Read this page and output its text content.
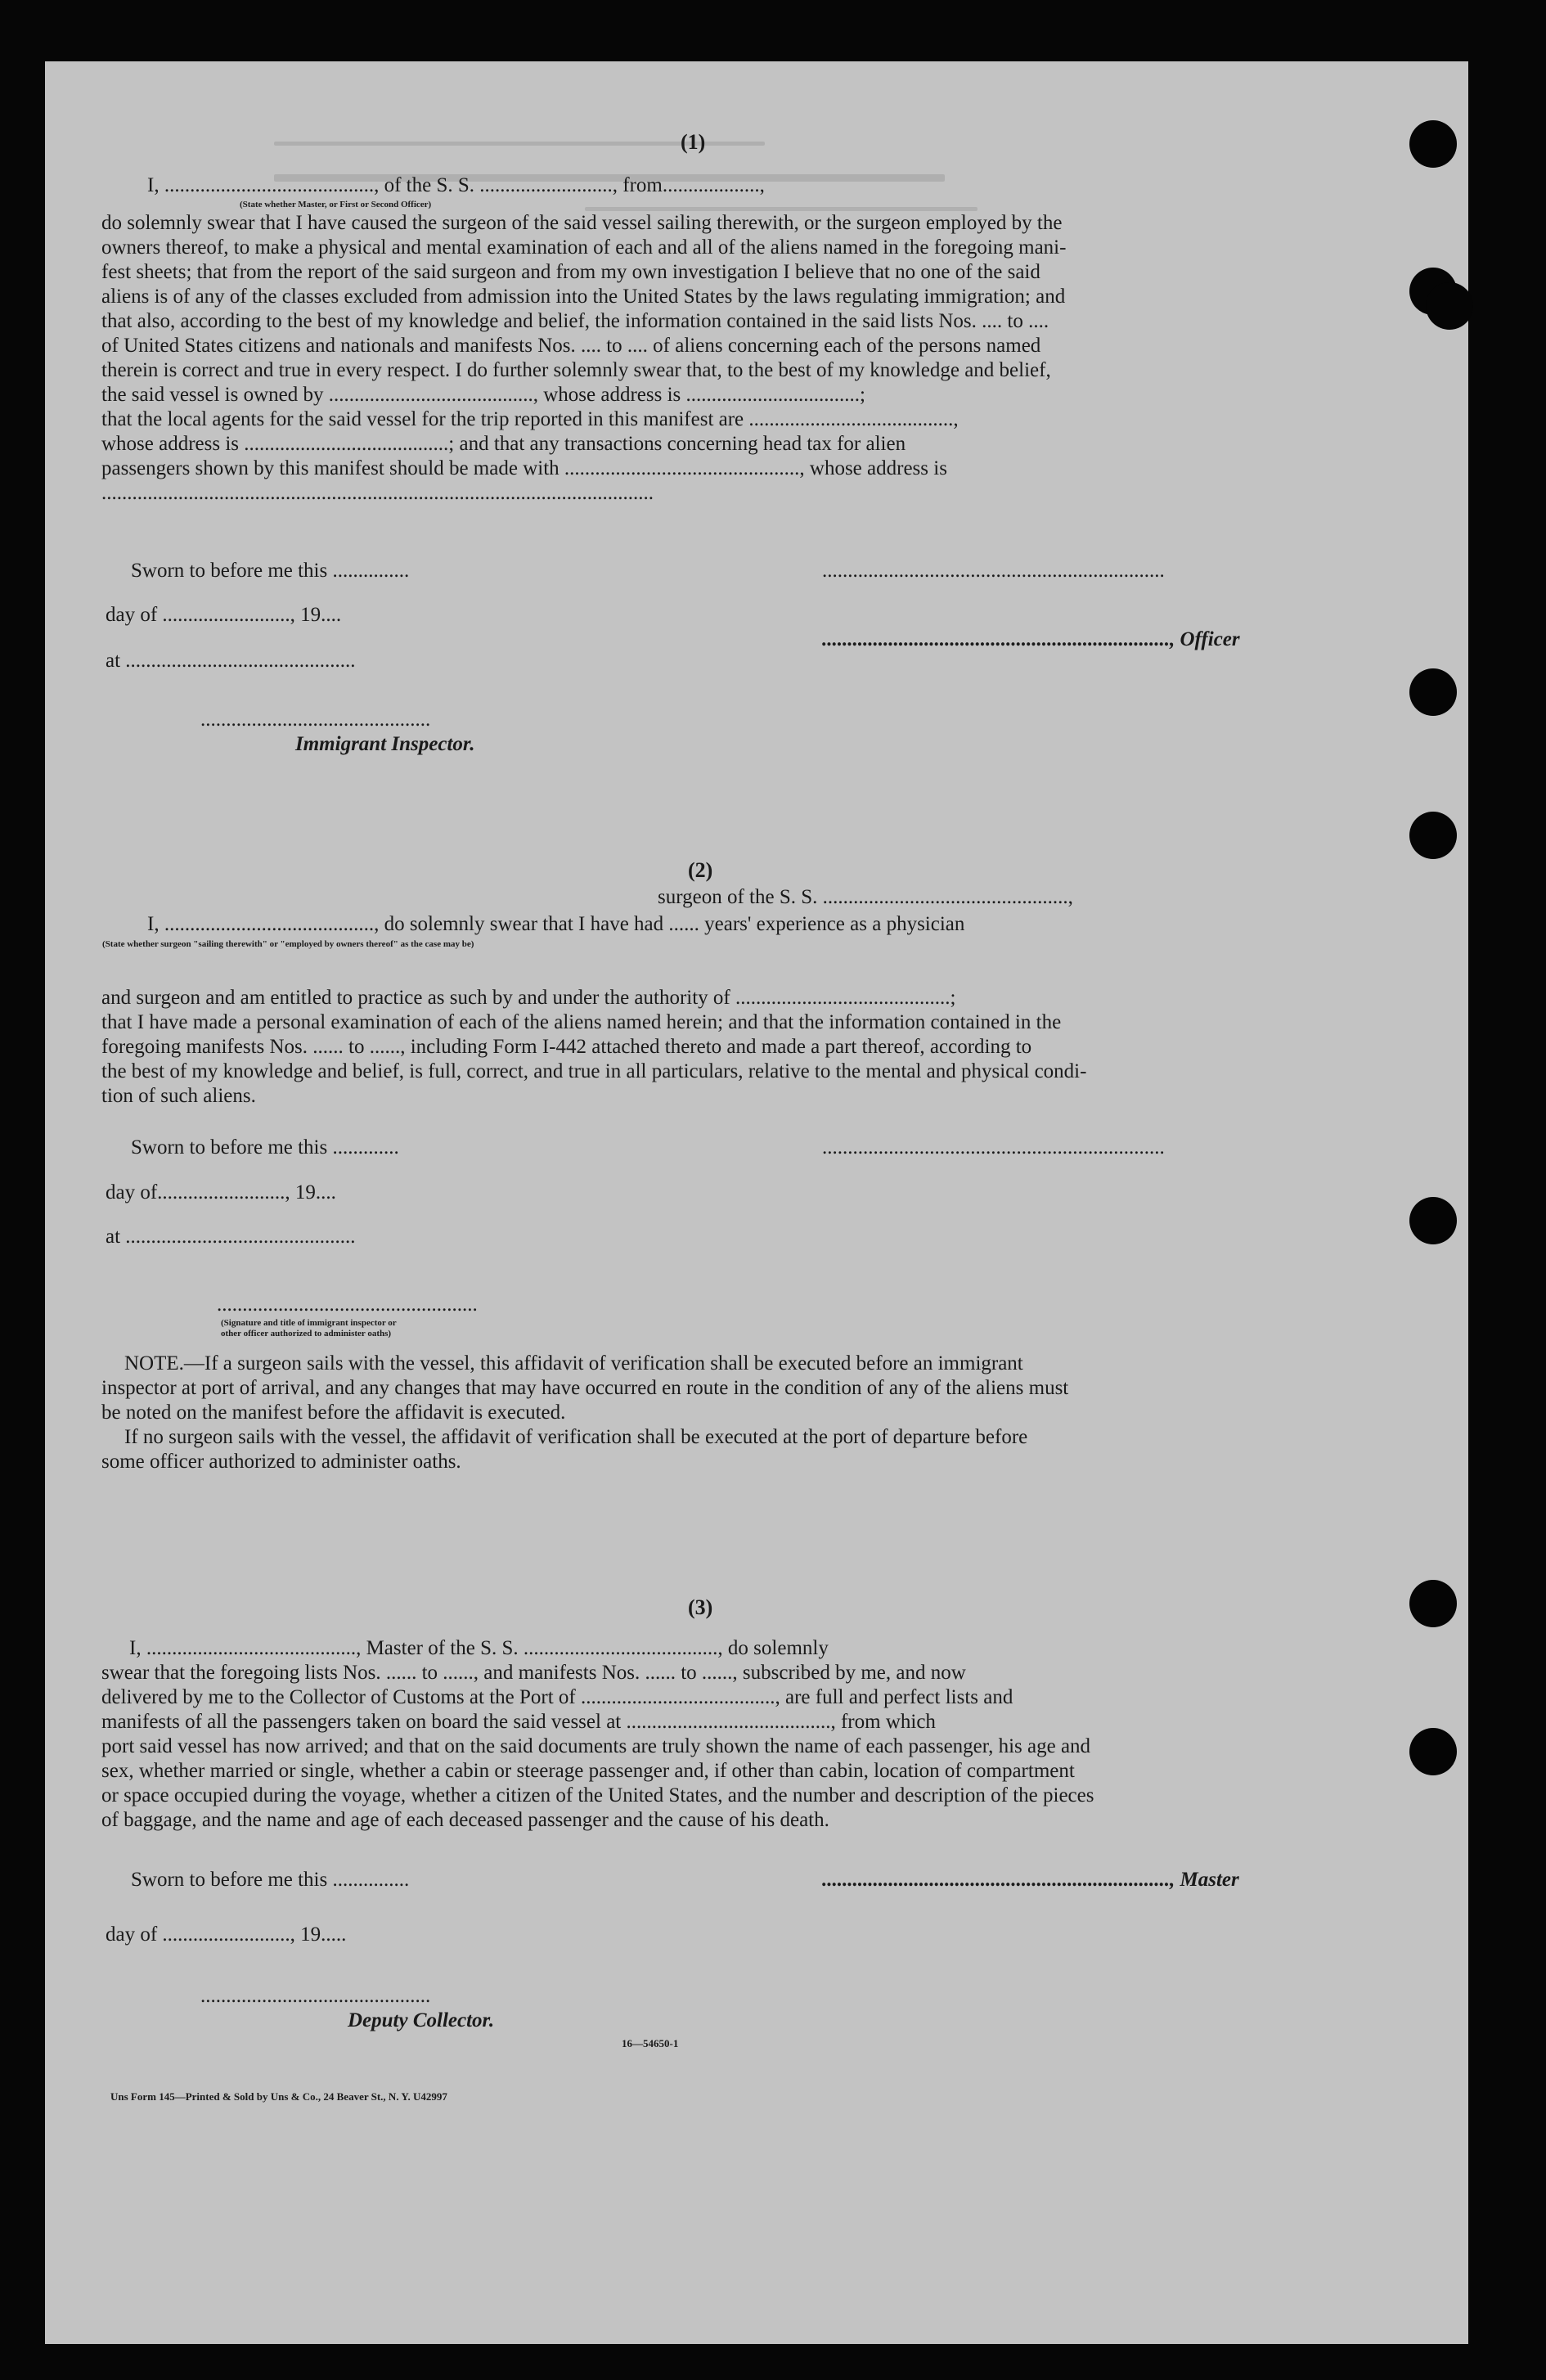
(1)
I, ........................................., of the S. S. .........................., from...................,
(State whether Master, or First or Second Officer)
do solemnly swear that I have caused the surgeon of the said vessel sailing therewith, or the surgeon employed by the
owners thereof, to make a physical and mental examination of each and all of the aliens named in the foregoing mani-
fest sheets; that from the report of the said surgeon and from my own investigation I believe that no one of the said
aliens is of any of the classes excluded from admission into the United States by the laws regulating immigration; and
that also, according to the best of my knowledge and belief, the information contained in the said lists Nos. .... to ....
of United States citizens and nationals and manifests Nos. .... to .... of aliens concerning each of the persons named
therein is correct and true in every respect. I do further solemnly swear that, to the best of my knowledge and belief,
the said vessel is owned by ........................................, whose address is ..................................;
that the local agents for the said vessel for the trip reported in this manifest are ........................................,
whose address is ........................................; and that any transactions concerning head tax for alien
passengers shown by this manifest should be made with .............................................., whose address is
............................................................................................................
Sworn to before me this ...............	...................................................................
day of ........................., 19....
...................................................................., Officer
at .............................................
.............................................
Immigrant Inspector.
(2)
I, ........................................., do solemnly swear that I have had ...... years' experience as a physician
surgeon of the S. S. ................................................,
(State whether surgeon "sailing therewith" or "employed by owners thereof" as the case may be)
and surgeon and am entitled to practice as such by and under the authority of ..........................................;
that I have made a personal examination of each of the aliens named herein; and that the information contained in the
foregoing manifests Nos. ...... to ......, including Form I-442 attached thereto and made a part thereof, according to
the best of my knowledge and belief, is full, correct, and true in all particulars, relative to the mental and physical condi-
tion of such aliens.
Sworn to before me this .............	...................................................................
day of........................., 19....
at .............................................
...................................................
(Signature and title of immigrant inspector or
other officer authorized to administer oaths)
NOTE.—If a surgeon sails with the vessel, this affidavit of verification shall be executed before an immigrant
inspector at port of arrival, and any changes that may have occurred en route in the condition of any of the aliens must
be noted on the manifest before the affidavit is executed.
If no surgeon sails with the vessel, the affidavit of verification shall be executed at the port of departure before
some officer authorized to administer oaths.
(3)
I, ........................................., Master of the S. S. ......................................, do solemnly
swear that the foregoing lists Nos. ...... to ......, and manifests Nos. ...... to ......, subscribed by me, and now
delivered by me to the Collector of Customs at the Port of ......................................, are full and perfect lists and
manifests of all the passengers taken on board the said vessel at ........................................, from which
port said vessel has now arrived; and that on the said documents are truly shown the name of each passenger, his age and
sex, whether married or single, whether a cabin or steerage passenger and, if other than cabin, location of compartment
or space occupied during the voyage, whether a citizen of the United States, and the number and description of the pieces
of baggage, and the name and age of each deceased passenger and the cause of his death.
Sworn to before me this ...............	...................................................................., Master
day of ........................., 19.....
.............................................
Deputy Collector.
16—54650-1
Uns Form 145—Printed & Sold by Uns & Co., 24 Beaver St., N. Y. U42997
